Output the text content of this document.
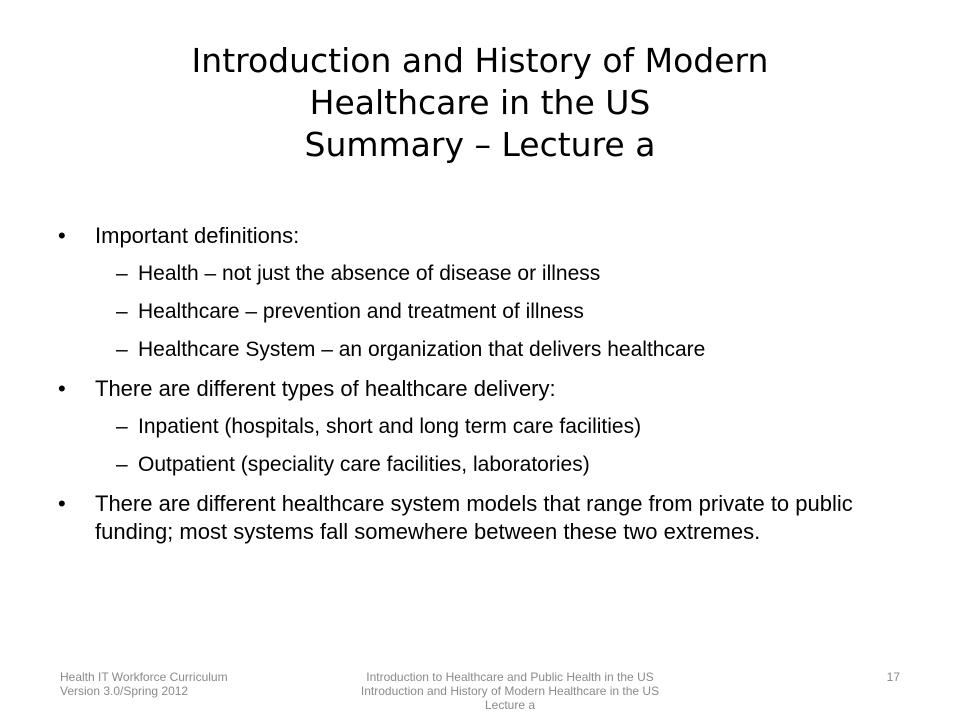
Introduction and History of Modern
Healthcare in the US
Summary – Lecture a
•	Important definitions:
– Health – not just the absence of disease or illness
– Healthcare – prevention and treatment of illness
– Healthcare System – an organization that delivers healthcare
•	There are different types of healthcare delivery:
– Inpatient (hospitals, short and long term care facilities)
– Outpatient (speciality care facilities, laboratories)
•	There are different healthcare system models that range from private to public funding; most systems fall somewhere between these two extremes.
Health IT Workforce Curriculum
Version 3.0/Spring 2012
Introduction to Healthcare and Public Health in the US
Introduction and History of Modern Healthcare in the US
Lecture a
17
